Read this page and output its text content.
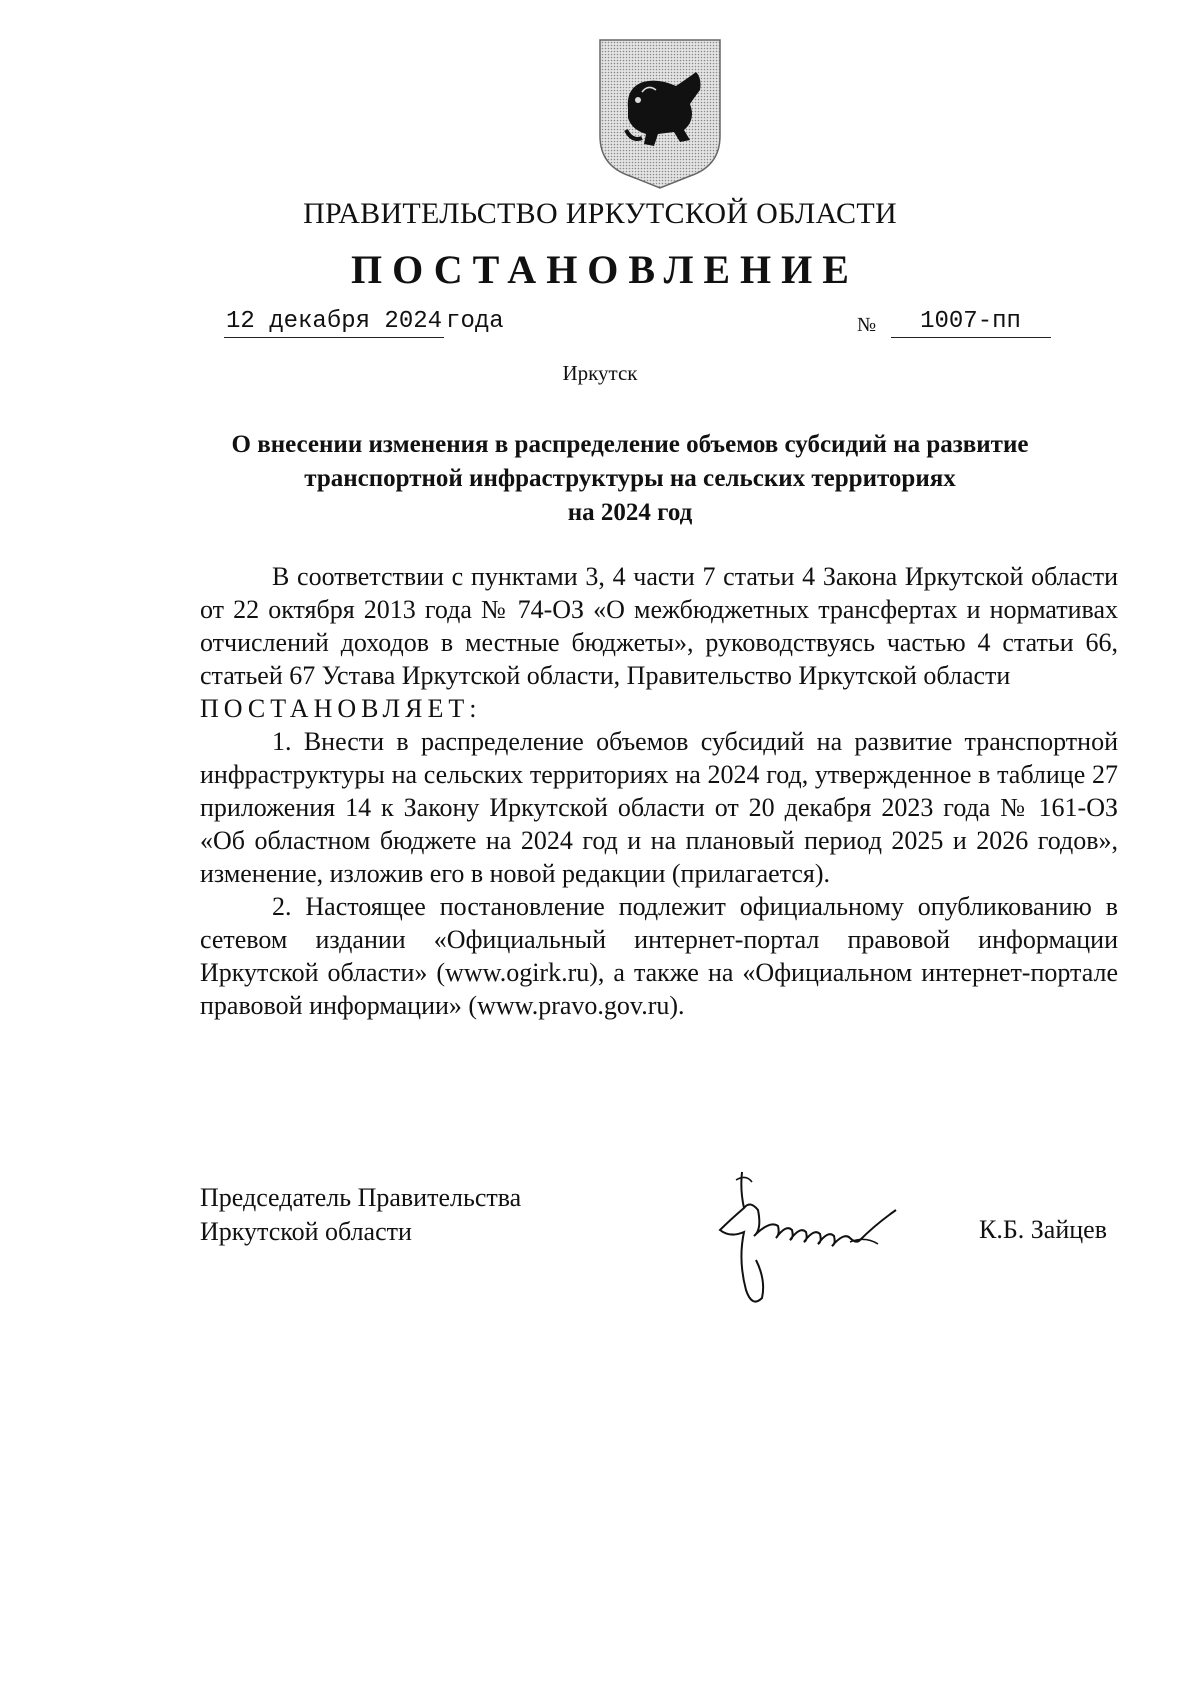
ПРАВИТЕЛЬСТВО ИРКУТСКОЙ ОБЛАСТИ
ПОСТАНОВЛЕНИЕ
12 декабря 2024 года	№ 1007-пп
Иркутск
О внесении изменения в распределение объемов субсидий на развитие
транспортной инфраструктуры на сельских территориях
на 2024 год

В соответствии с пунктами 3, 4 части 7 статьи 4 Закона Иркутской области от 22 октября 2013 года № 74-ОЗ «О межбюджетных трансфертах и нормативах отчислений доходов в местные бюджеты», руководствуясь частью 4 статьи 66, статьей 67 Устава Иркутской области, Правительство Иркутской области

ПОСТАНОВЛЯЕТ:

1. Внести в распределение объемов субсидий на развитие транспортной инфраструктуры на сельских территориях на 2024 год, утвержденное в таблице 27 приложения 14 к Закону Иркутской области от 20 декабря 2023 года № 161-ОЗ «Об областном бюджете на 2024 год и на плановый период 2025 и 2026 годов», изменение, изложив его в новой редакции (прилагается).

2. Настоящее постановление подлежит официальному опубликованию в сетевом издании «Официальный интернет-портал правовой информации Иркутской области» (www.ogirk.ru), а также на «Официальном интернет-портале правовой информации» (www.pravo.gov.ru).

Председатель Правительства
Иркутской области	К.Б. Зайцев
